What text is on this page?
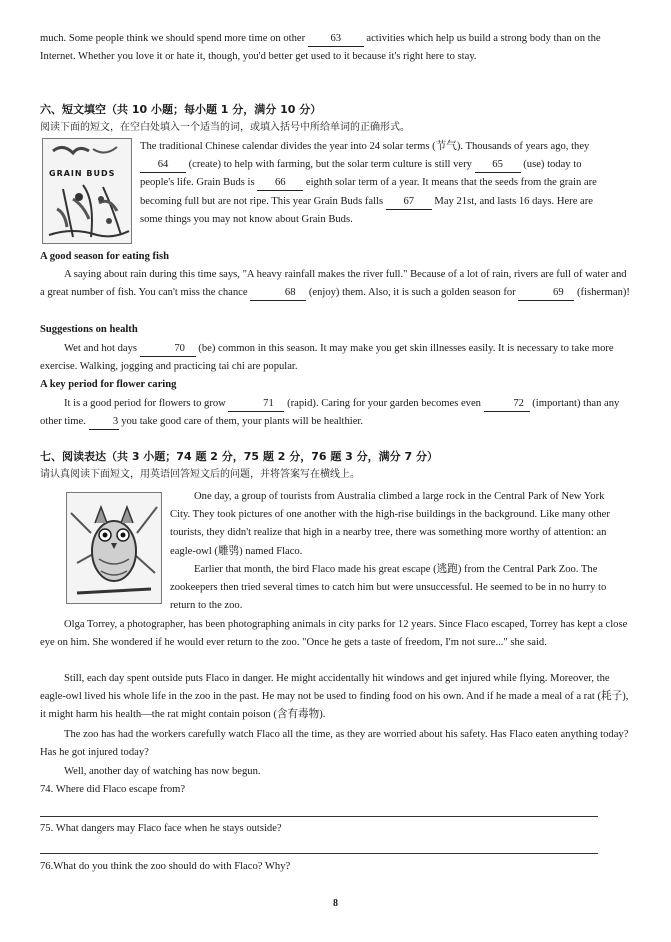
much. Some people think we should spend more time on other 63 activities which help us build a strong body than on the Internet. Whether you love it or hate it, though, you'd better get used to it because it's right here to stay.
六、短文填空（共 10 小题；每小题 1 分，满分 10 分）
阅读下面的短文，在空白处填入一个适当的词，或填入括号中所给单词的正确形式。
GRAIN BUDS
The traditional Chinese calendar divides the year into 24 solar terms (节气). Thousands of years ago, they 64 (create) to help with farming, but the solar term culture is still very 65 (use) today to people's life. Grain Buds is 66 eighth solar term of a year. It means that the seeds from the grain are becoming full but are not ripe. This year Grain Buds falls 67 May 21st, and lasts 16 days. Here are some things you may not know about Grain Buds.
A good season for eating fish
A saying about rain during this time says, "A heavy rainfall makes the river full." Because of a lot of rain, rivers are full of water and a great number of fish. You can't miss the chance	68 (enjoy) them. Also, it is such a golden season for	69 (fisherman)!
Suggestions on health
Wet and hot days	70 (be) common in this season. It may make you get skin illnesses easily. It is necessary to take more exercise. Walking, jogging and practicing tai chi are popular.
A key period for flower caring
It is a good period for flowers to grow	71 (rapid). Caring for your garden becomes even	72 (important) than any other time. 3 you take good care of them, your plants will be healthier.
七、阅读表达（共 3 小题；74 题 2 分，75 题 2 分，76 题 3 分，满分 7 分）
请认真阅读下面短文，用英语回答短文后的问题，并将答案写在横线上。
One day, a group of tourists from Australia climbed a large rock in the Central Park of New York City. They took pictures of one another with the high-rise buildings in the background. Like many other tourists, they didn't realize that high in a nearby tree, there was something more worthy of attention: an eagle-owl (雕鸮) named Flaco.
Earlier that month, the bird Flaco made his great escape (逃跑) from the Central Park Zoo. The zookeepers then tried several times to catch him but were unsuccessful. He seemed to be in no hurry to return to the zoo.
Olga Torrey, a photographer, has been photographing animals in city parks for 12 years. Since Flaco escaped, Torrey has kept a close eye on him. She wondered if he would ever return to the zoo. "Once he gets a taste of freedom, I'm not sure..." she said.
Still, each day spent outside puts Flaco in danger. He might accidentally hit windows and get injured while flying. Moreover, the eagle-owl lived his whole life in the zoo in the past. He may not be used to finding food on his own. And if he made a meal of a rat (耗子), it might harm his health—the rat might contain poison (含有毒物).
The zoo has had the workers carefully watch Flaco all the time, as they are worried about his safety. Has Flaco eaten anything today? Has he got injured today?
Well, another day of watching has now begun.
74. Where did Flaco escape from?
75. What dangers may Flaco face when he stays outside?
76.What do you think the zoo should do with Flaco? Why?
8
